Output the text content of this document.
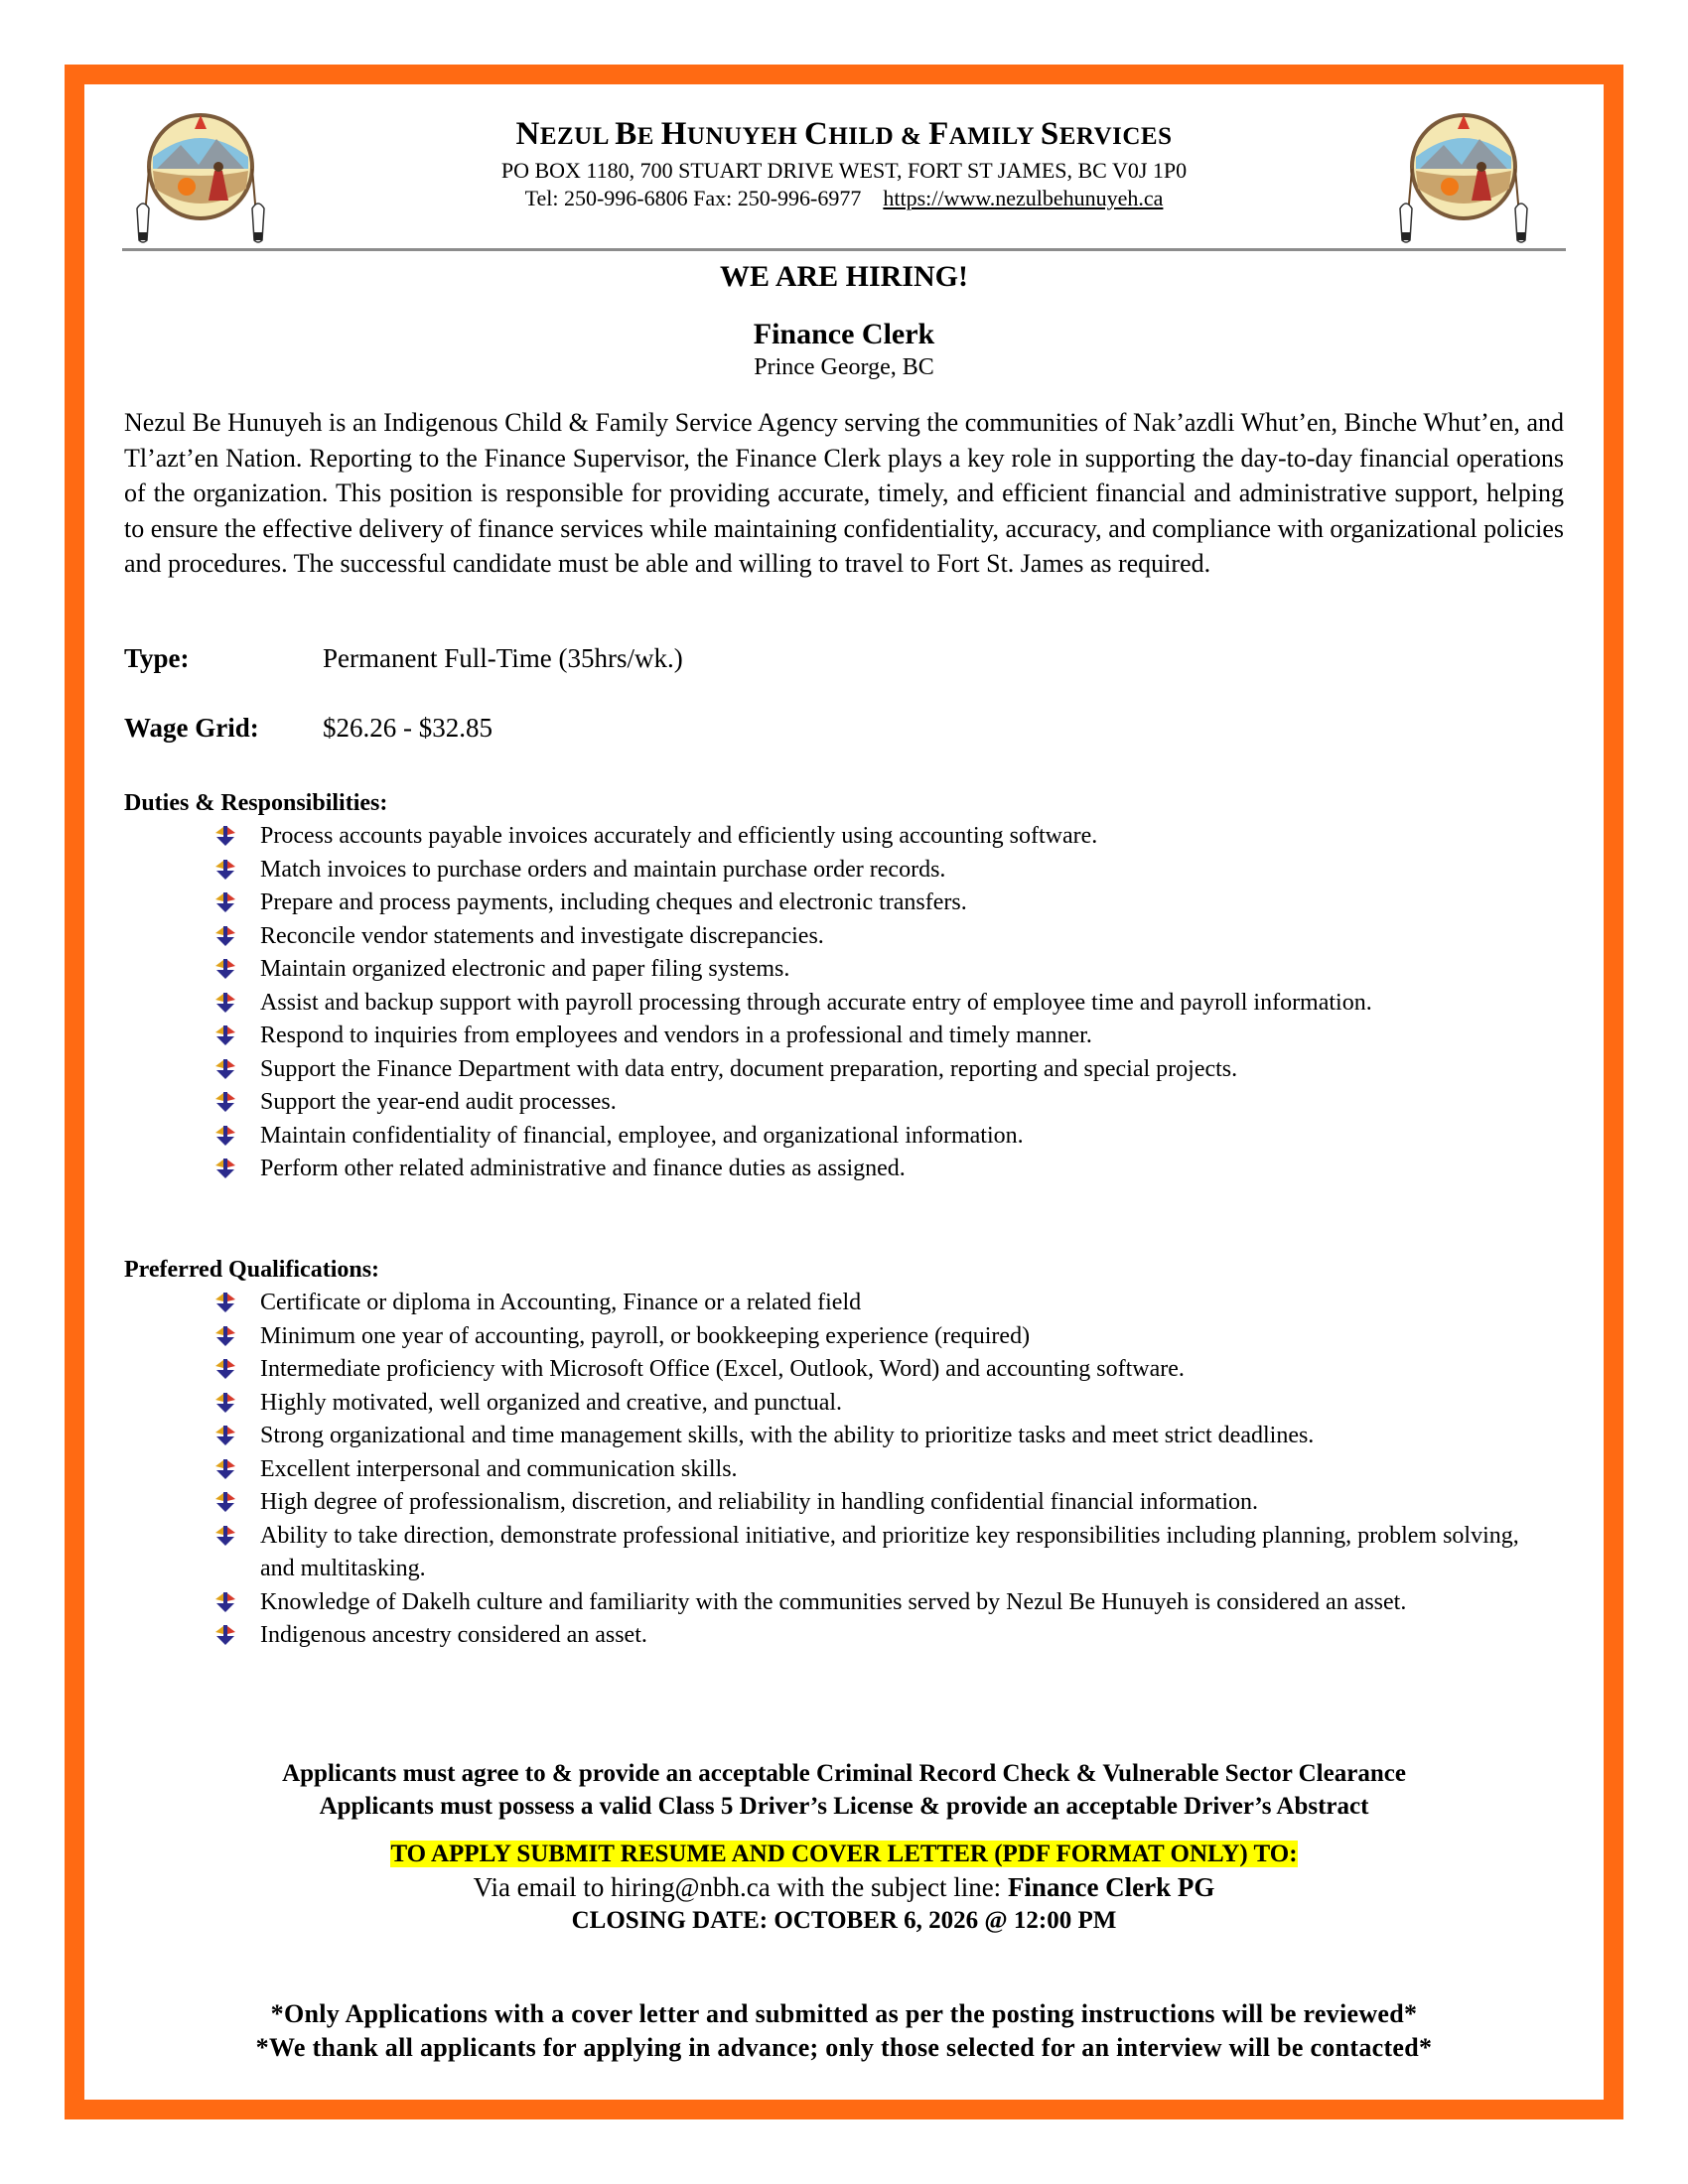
NEZUL BE HUNUYEH CHILD & FAMILY SERVICES
PO BOX 1180, 700 STUART DRIVE WEST, FORT ST JAMES, BC V0J 1P0
Tel: 250-996-6806 Fax: 250-996-6977 https://www.nezulbehunuyeh.ca
WE ARE HIRING!
Finance Clerk
Prince George, BC

Nezul Be Hunuyeh is an Indigenous Child & Family Service Agency serving the communities of Nak’azdli Whut’en, Binche Whut’en, and Tl’azt’en Nation. Reporting to the Finance Supervisor, the Finance Clerk plays a key role in supporting the day-to-day financial operations of the organization. This position is responsible for providing accurate, timely, and efficient financial and administrative support, helping to ensure the effective delivery of finance services while maintaining confidentiality, accuracy, and compliance with organizational policies and procedures. The successful candidate must be able and willing to travel to Fort St. James as required.

Type:	Permanent Full-Time (35hrs/wk.)
Wage Grid: $26.26 - $32.85
Duties & Responsibilities:
Process accounts payable invoices accurately and efficiently using accounting software.
Match invoices to purchase orders and maintain purchase order records.
Prepare and process payments, including cheques and electronic transfers.
Reconcile vendor statements and investigate discrepancies.
Maintain organized electronic and paper filing systems.
Assist and backup support with payroll processing through accurate entry of employee time and payroll information.
Respond to inquiries from employees and vendors in a professional and timely manner.
Support the Finance Department with data entry, document preparation, reporting and special projects.
Support the year-end audit processes.
Maintain confidentiality of financial, employee, and organizational information.
Perform other related administrative and finance duties as assigned.
Preferred Qualifications:
Certificate or diploma in Accounting, Finance or a related field
Minimum one year of accounting, payroll, or bookkeeping experience (required)
Intermediate proficiency with Microsoft Office (Excel, Outlook, Word) and accounting software.
Highly motivated, well organized and creative, and punctual.
Strong organizational and time management skills, with the ability to prioritize tasks and meet strict deadlines.
Excellent interpersonal and communication skills.
High degree of professionalism, discretion, and reliability in handling confidential financial information.
Ability to take direction, demonstrate professional initiative, and prioritize key responsibilities including planning, problem solving, and multitasking.
Knowledge of Dakelh culture and familiarity with the communities served by Nezul Be Hunuyeh is considered an asset.
Indigenous ancestry considered an asset.
Applicants must agree to & provide an acceptable Criminal Record Check & Vulnerable Sector Clearance
Applicants must possess a valid Class 5 Driver’s License & provide an acceptable Driver’s Abstract
TO APPLY SUBMIT RESUME AND COVER LETTER (PDF FORMAT ONLY) TO:
Via email to hiring@nbh.ca with the subject line: Finance Clerk PG
CLOSING DATE: OCTOBER 6, 2026 @ 12:00 PM
*Only Applications with a cover letter and submitted as per the posting instructions will be reviewed*
*We thank all applicants for applying in advance; only those selected for an interview will be contacted*
